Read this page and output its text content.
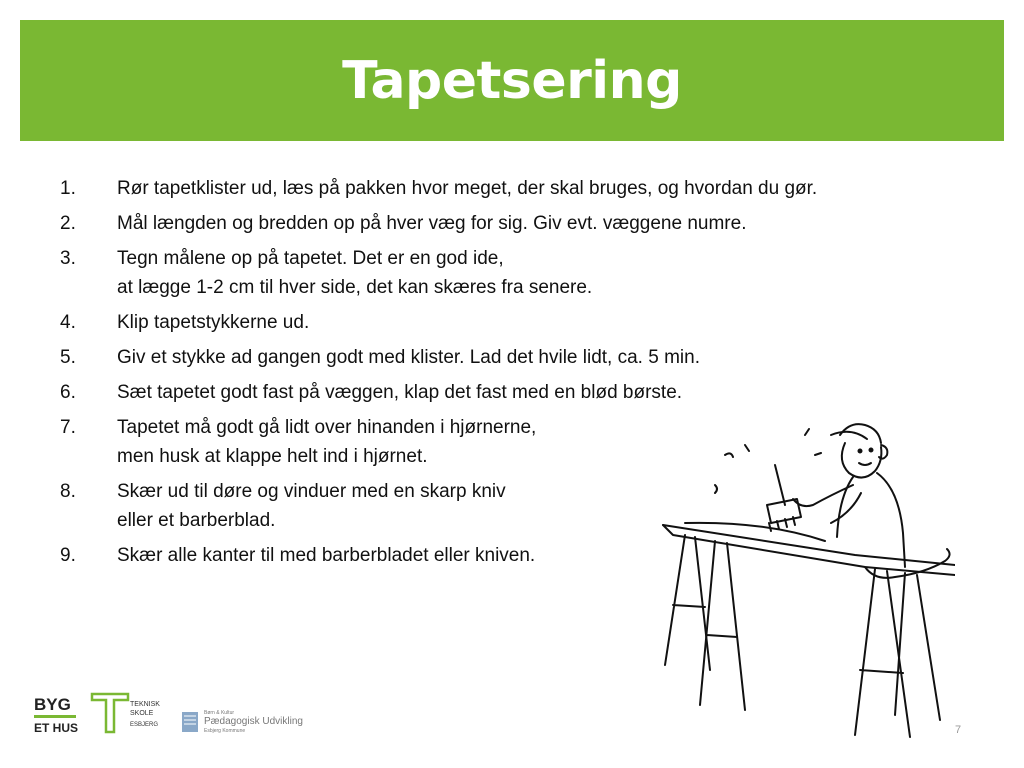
Tapetsering
1.	Rør tapetklister ud, læs på pakken hvor meget, der skal bruges, og hvordan du gør.
2.	Mål længden og bredden op på hver væg for sig. Giv evt. væggene numre.
3.	Tegn målene op på tapetet. Det er en god ide,
at lægge 1-2 cm til hver side, det kan skæres fra senere.
4.	Klip tapetstykkerne ud.
5.	Giv et stykke ad gangen godt med klister. Lad det hvile lidt, ca. 5 min.
6.	Sæt tapetet godt fast på væggen, klap det fast med en blød børste.
7.	Tapetet må godt gå lidt over hinanden i hjørnerne,
men husk at klappe helt ind i hjørnet.
8.	Skær ud til døre og vinduer med en skarp kniv
eller et barberblad.
9.	Skær alle kanter til med barberbladet eller kniven.
BYG
ET HUS
TEKNISK
SKOLE
ESBJERG
Børn & Kultur
Pædagogisk Udvikling
Esbjerg Kommune	7
